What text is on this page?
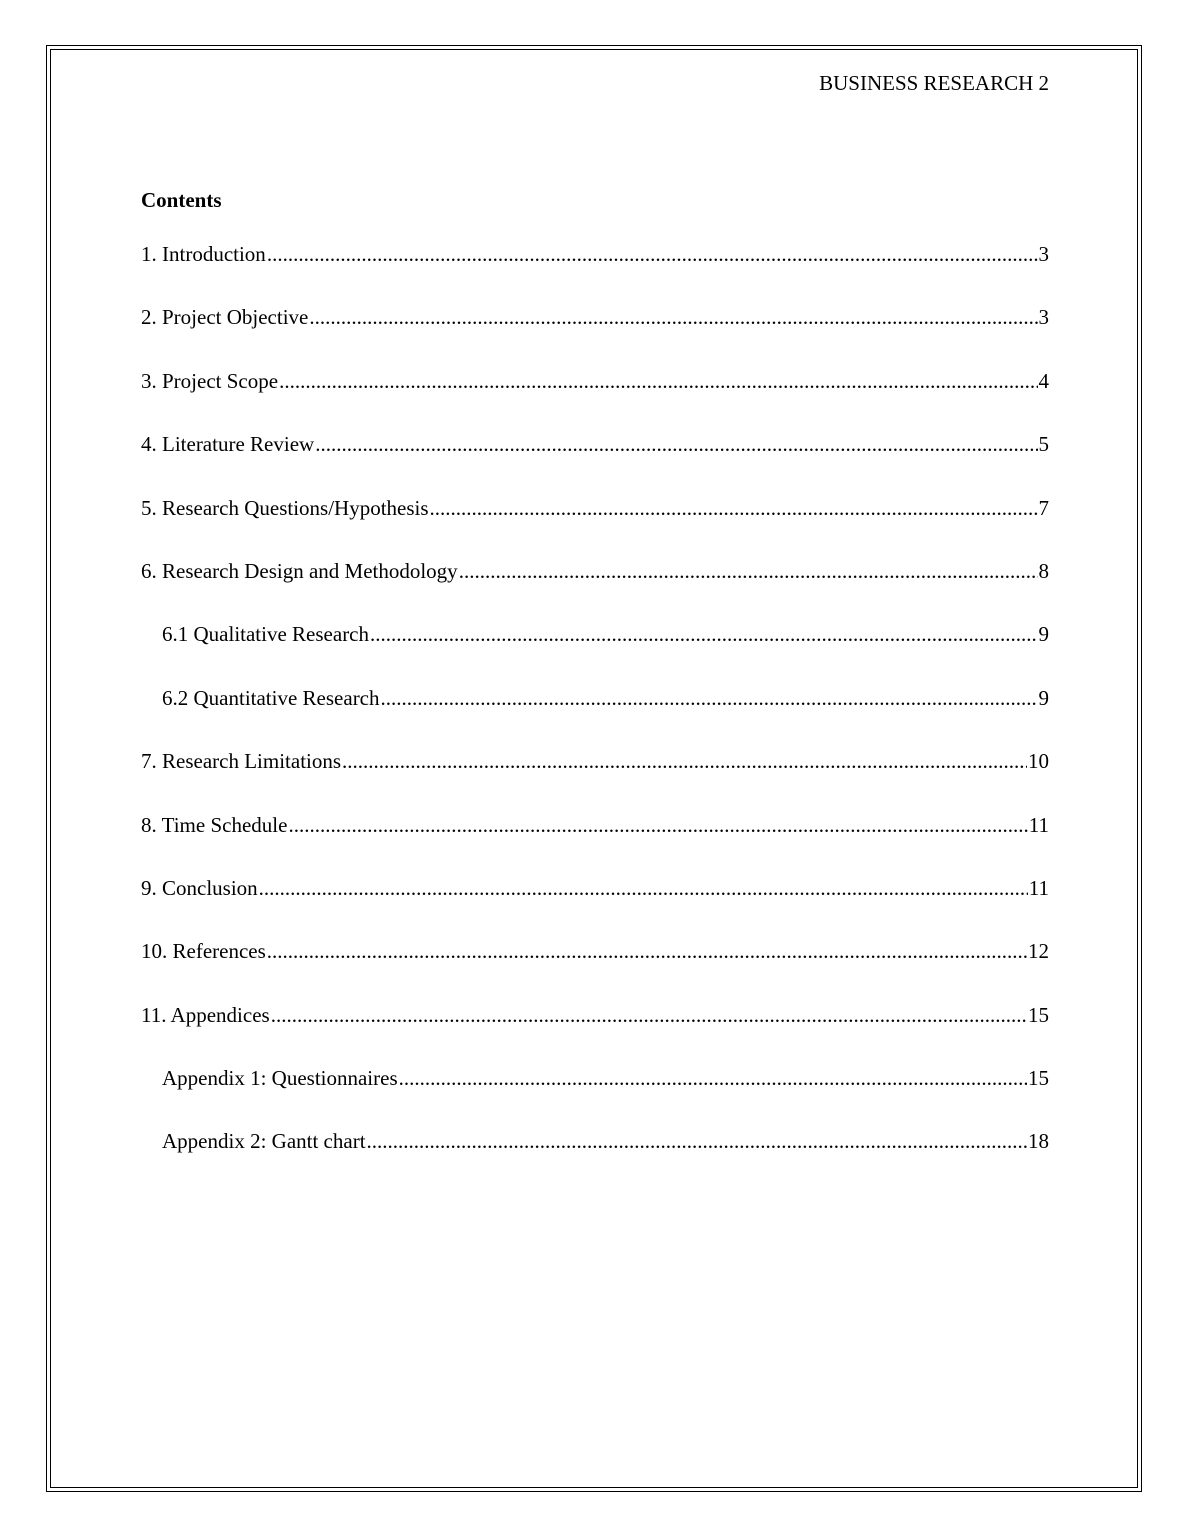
BUSINESS RESEARCH 2
Contents
1. Introduction .....	3
2. Project Objective .....	3
3. Project Scope .....	4
4. Literature Review .....	5
5. Research Questions/Hypothesis .....	7
6. Research Design and Methodology .....	8
6.1 Qualitative Research .....	9
6.2 Quantitative Research .....	9
7. Research Limitations .....	10
8. Time Schedule .....	11
9. Conclusion .....	11
10. References .....	12
11. Appendices .....	15
Appendix 1: Questionnaires .....	15
Appendix 2: Gantt chart .....	18
